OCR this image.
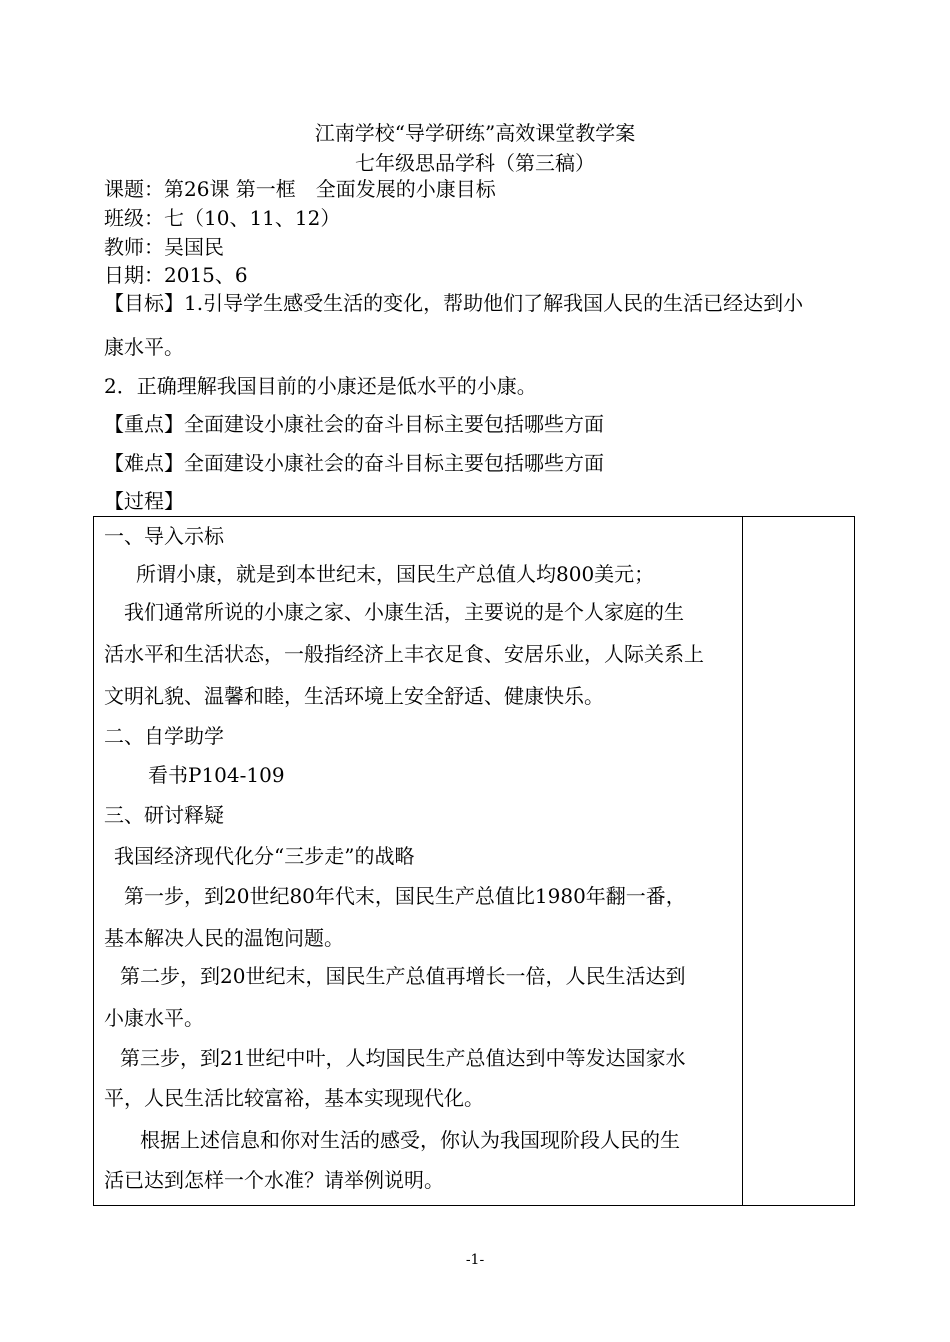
江南学校“导学研练”高效课堂教学案
七年级思品学科（第三稿）
课题：第26课 第一框　全面发展的小康目标
班级：七（10、11、12）
教师：吴国民
日期：2015、6
【目标】1.引导学生感受生活的变化，帮助他们了解我国人民的生活已经达到小
康水平。
2．正确理解我国目前的小康还是低水平的小康。
【重点】全面建设小康社会的奋斗目标主要包括哪些方面
【难点】全面建设小康社会的奋斗目标主要包括哪些方面
【过程】
一、导入示标
　所谓小康，就是到本世纪末，国民生产总值人均800美元；
我们通常所说的小康之家、小康生活，主要说的是个人家庭的生
活水平和生活状态，一般指经济上丰衣足食、安居乐业，人际关系上
文明礼貌、温馨和睦，生活环境上安全舒适、健康快乐。
二、自学助学
　看书P104-109
三、研讨释疑
我国经济现代化分“三步走”的战略
第一步，到20世纪80年代末，国民生产总值比1980年翻一番，
基本解决人民的温饱问题。
第二步，到20世纪末，国民生产总值再增长一倍，人民生活达到
小康水平。
第三步，到21世纪中叶，人均国民生产总值达到中等发达国家水
平，人民生活比较富裕，基本实现现代化。
　根据上述信息和你对生活的感受，你认为我国现阶段人民的生
活已达到怎样一个水准？请举例说明。
-1-
